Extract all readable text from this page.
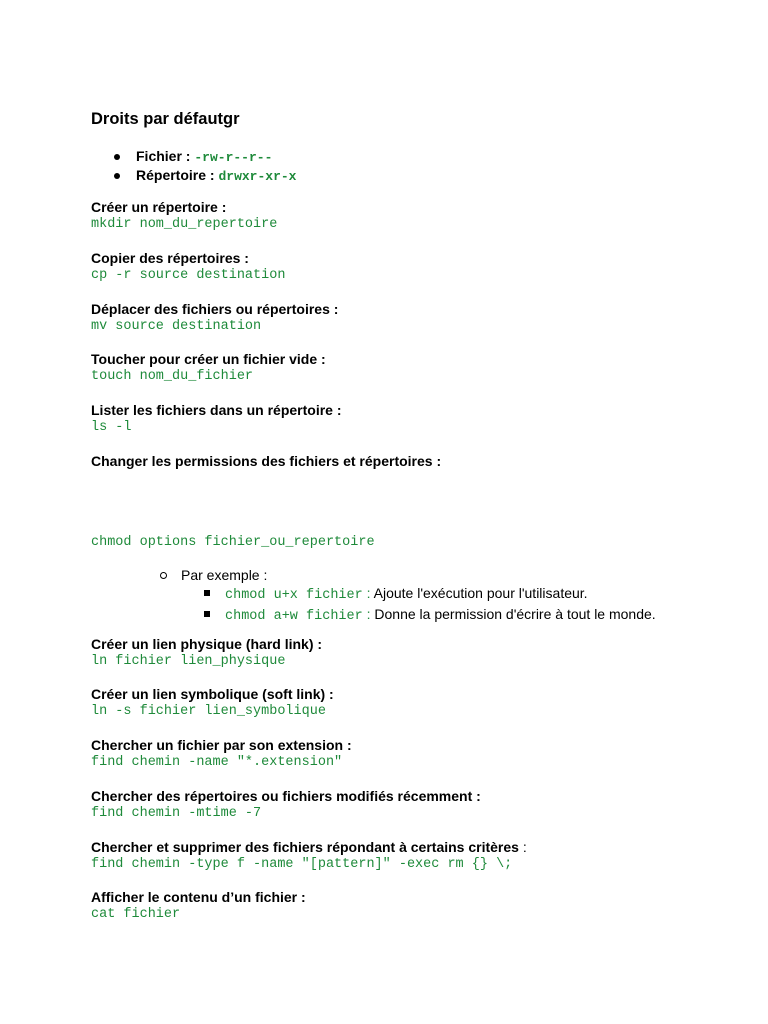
Droits par défautgr
Fichier : -rw-r--r--
Répertoire : drwxr-xr-x
Créer un répertoire :
mkdir nom_du_repertoire
Copier des répertoires :
cp -r source destination
Déplacer des fichiers ou répertoires :
mv source destination
Toucher pour créer un fichier vide :
touch nom_du_fichier
Lister les fichiers dans un répertoire :
ls -l
Changer les permissions des fichiers et répertoires :
chmod options fichier_ou_repertoire
Par exemple :
chmod u+x fichier : Ajoute l'exécution pour l'utilisateur.
chmod a+w fichier : Donne la permission d'écrire à tout le monde.
Créer un lien physique (hard link) :
ln fichier lien_physique
Créer un lien symbolique (soft link) :
ln -s fichier lien_symbolique
Chercher un fichier par son extension :
find chemin -name "*.extension"
Chercher des répertoires ou fichiers modifiés récemment :
find chemin -mtime -7
Chercher et supprimer des fichiers répondant à certains critères :
find chemin -type f -name "[pattern]" -exec rm {} \;
Afficher le contenu d’un fichier :
cat fichier
